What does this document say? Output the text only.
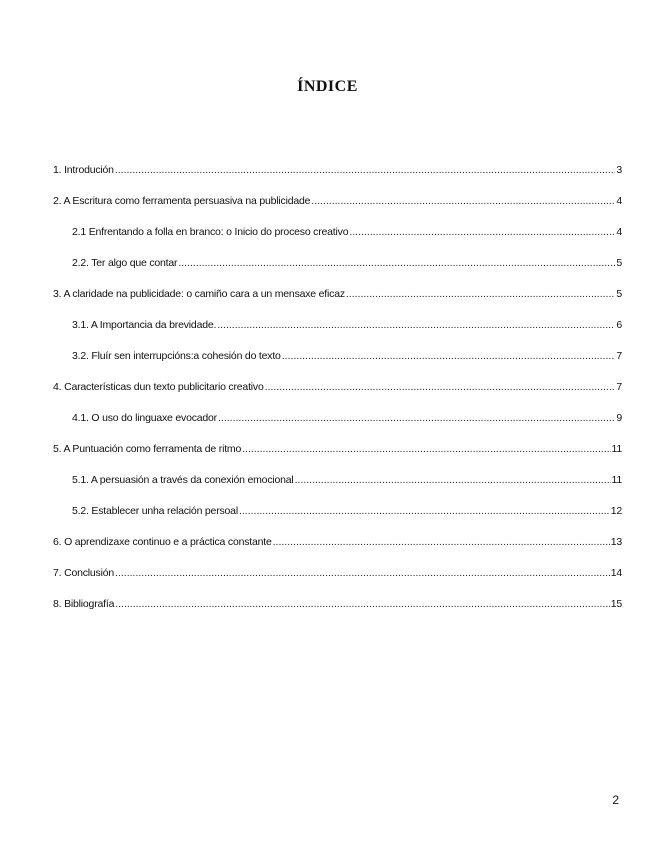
ÍNDICE
1. Introdución .....	3
2. A Escritura como ferramenta persuasiva na publicidade .....	4
2.1 Enfrentando a folla en branco: o Inicio do proceso creativo .....	4
2.2. Ter algo que contar .....	5
3. A claridade na publicidade: o camiño cara a un mensaxe eficaz .....	5
3.1. A Importancia da brevidade. .....	6
3.2. Fluír sen interrupcións:a cohesión do texto .....	7
4. Características dun texto publicitario creativo .....	7
4.1. O uso do linguaxe evocador .....	9
5. A Puntuación como ferramenta de ritmo .....	11
5.1. A persuasión a través da conexión emocional .....	11
5.2. Establecer unha relación persoal .....	12
6. O aprendizaxe continuo e a práctica constante .....	13
7. Conclusión .....	14
8. Bibliografía .....	15
2
